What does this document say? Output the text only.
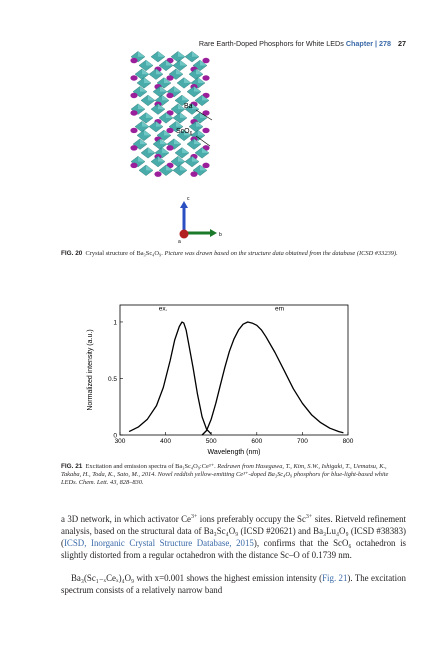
Rare Earth-Doped Phosphors for White LEDs Chapter | 278 27
Ba
ScO$_6$
c
b
a
FIG. 20 Crystal structure of Ba₃Sc₄O₉. Picture was drawn based on the structure data obtained from the database (ICSD #33239).
300	400	500	600	700	800
0
0.5
1
Wavelength (nm)
Normalized intensity (a.u.)
ex.	em
FIG. 21 Excitation and emission spectra of Ba₃Sc₄O₉:Ce³⁺. Redrawn from Hasegawa, T., Kim, S.W., Ishigaki, T., Uematsu, K., Takaba, H., Toda, K., Sato, M., 2014. Novel reddish yellow-emitting Ce³⁺-doped Ba₃Sc₄O₉ phosphors for blue-light-based white LEDs. Chem. Lett. 43, 828–830.
a 3D network, in which activator $Ce^{3+}$ ions preferably occupy the $Sc^{3+}$ sites. Rietveld refinement analysis, based on the structural data of Ba₃Sc₄O₉ (ICSD #20621) and Ba₃Lu₄O₉ (ICSD #38383) (ICSD, Inorganic Crystal Structure Database, 2015), confirms that the ScO₆ octahedron is slightly distorted from a regular octahedron with the distance Sc–O of 0.1739 nm.
Ba₃(Sc₁₋ₓCeₓ)₄O₉ with x=0.001 shows the highest emission intensity (Fig. 21). The excitation spectrum consists of a relatively narrow band
